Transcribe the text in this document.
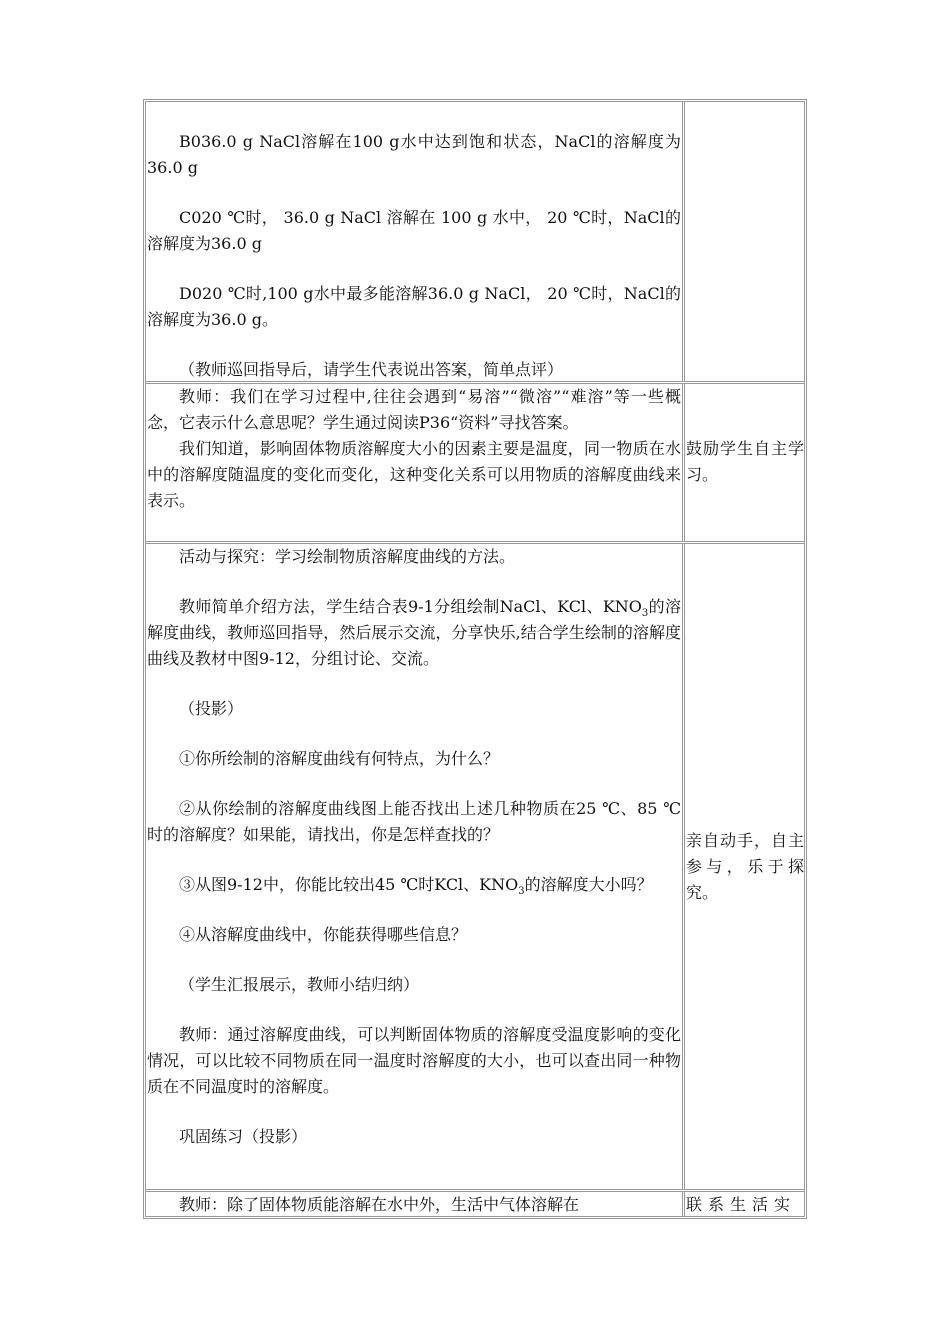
B036.0 g NaCl溶解在100 g水中达到饱和状态，NaCl的溶解度为36.0 g

C020 ℃时， 36.0 g NaCl 溶解在 100 g 水中， 20 ℃时，NaCl的溶解度为36.0 g

D020 ℃时,100 g水中最多能溶解36.0 g NaCl， 20 ℃时，NaCl的溶解度为36.0 g。

（教师巡回指导后，请学生代表说出答案，简单点评）

教师：我们在学习过程中,往往会遇到“易溶”“微溶”“难溶”等一些概念，它表示什么意思呢？学生通过阅读P36“资料”寻找答案。

我们知道，影响固体物质溶解度大小的因素主要是温度，同一物质在水中的溶解度随温度的变化而变化，这种变化关系可以用物质的溶解度曲线来表示。

鼓励学生自主学习。

活动与探究：学习绘制物质溶解度曲线的方法。

教师简单介绍方法，学生结合表9-1分组绘制NaCl、KCl、$KNO_3$的溶解度曲线，教师巡回指导，然后展示交流，分享快乐,结合学生绘制的溶解度曲线及教材中图9-12，分组讨论、交流。

（投影）

①你所绘制的溶解度曲线有何特点，为什么？

②从你绘制的溶解度曲线图上能否找出上述几种物质在25 ℃、85 ℃时的溶解度？如果能，请找出，你是怎样查找的？

③从图9-12中，你能比较出45 ℃时KCl、$KNO_3$的溶解度大小吗？

④从溶解度曲线中，你能获得哪些信息？

（学生汇报展示，教师小结归纳）

教师：通过溶解度曲线，可以判断固体物质的溶解度受温度影响的变化情况，可以比较不同物质在同一温度时溶解度的大小，也可以查出同一种物质在不同温度时的溶解度。

巩固练习（投影）

亲自动手，自主参与，乐于探究。

教师：除了固体物质能溶解在水中外，生活中气体溶解在	联系生活实
